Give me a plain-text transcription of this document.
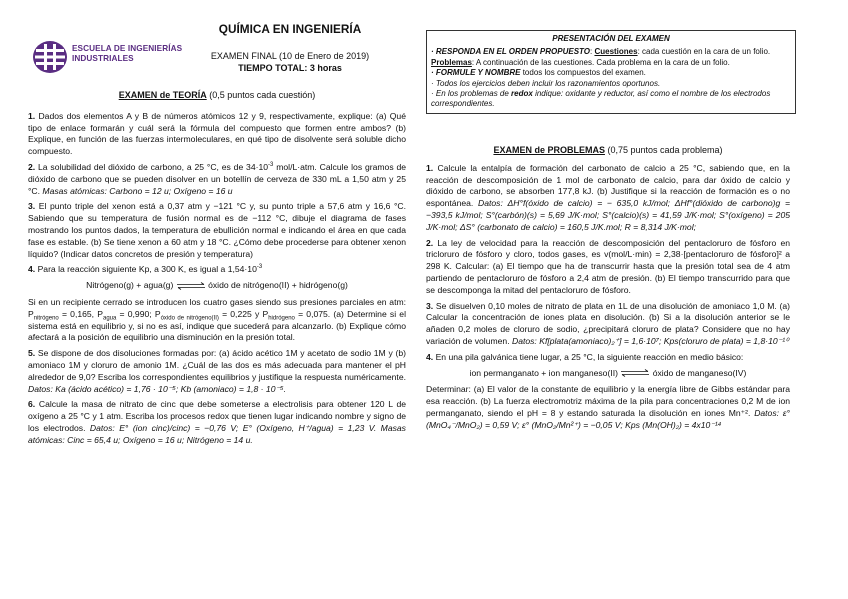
ESCUELA DE INGENIERÍAS
INDUSTRIALES
QUÍMICA EN INGENIERÍA
EXAMEN FINAL (10 de Enero de 2019)
TIEMPO TOTAL: 3 horas
EXAMEN de TEORÍA (0,5 puntos cada cuestión)

1. Dados dos elementos A y B de números atómicos 12 y 9, respectivamente, explique: (a) Qué tipo de enlace formarán y cuál será la fórmula del compuesto que formen entre ambos? (b) Explique, en función de las fuerzas intermoleculares, en qué tipo de disolvente será soluble dicho compuesto.

2. La solubilidad del dióxido de carbono, a 25 °C, es de $34\cdot 10^{-3}$ mol/L·atm. Calcule los gramos de dióxido de carbono que se pueden disolver en un botellín de cerveza de 330 mL a 1,50 atm y 25 °C. Masas atómicas: Carbono = 12 u; Oxígeno = 16 u

3. El punto triple del xenon está a 0,37 atm y −121 °C y, su punto triple a 57,6 atm y 16,6 °C. Sabiendo que su temperatura de fusión normal es de −112 °C, dibuje el diagrama de fases mostrando los puntos dados, la temperatura de ebullición normal e indicando el área en que cada fase es estable. (b) Se tiene xenon a 60 atm y 18 °C. ¿Cómo debe procederse para obtener xenon líquido? (Indicar datos concretos de presión y temperatura)

4. Para la reacción siguiente Kp, a 300 K, es igual a $1,54\cdot 10^{-3}$

Nitrógeno(g) + agua(g) ⇌ óxido de nitrógeno(II) + hidrógeno(g)

Si en un recipiente cerrado se introducen los cuatro gases siendo sus presiones parciales en atm: $P_{nitrógeno} = 0,165$, $P_{agua} = 0,990$; $P_{óxido de nitrógeno(II)} = 0,225$ y $P_{hidrógeno} = 0,075$. (a) Determine si el sistema está en equilibrio y, si no es así, indique que sucederá para alcanzarlo. (b) Explique cómo afectará a la posición de equilibrio una disminución en la presión total.

5. Se dispone de dos disoluciones formadas por: (a) ácido acético 1M y acetato de sodio 1M y (b) amoniaco 1M y cloruro de amonio 1M. ¿Cuál de las dos es más adecuada para mantener el pH alrededor de 9,0? Escriba los correspondientes equilibrios y justifique la respuesta numéricamente. Datos: Ka (ácido acético) = 1,76 · 10⁻⁵; Kb (amoniaco) = 1,8 · 10⁻⁵.

6. Calcule la masa de nitrato de cinc que debe someterse a electrolisis para obtener 120 L de oxígeno a 25 °C y 1 atm. Escriba los procesos redox que tienen lugar indicando nombre y signo de los electrodos. Datos: E° (ion cinc)/cinc) = −0,76 V; E° (Oxígeno, H⁺/agua) = 1,23 V. Masas atómicas: Cinc = 65,4 u; Oxígeno = 16 u; Nitrógeno = 14 u.

PRESENTACIÓN DEL EXAMEN

· RESPONDA EN EL ORDEN PROPUESTO: Cuestiones: cada cuestión en la cara de un folio. Problemas: A continuación de las cuestiones. Cada problema en la cara de un folio.

· FORMULE Y NOMBRE todos los compuestos del examen.

· Todos los ejercicios deben incluir los razonamientos oportunos.

· En los problemas de redox indique: oxidante y reductor, así como el nombre de los electrodos correspondientes.

EXAMEN de PROBLEMAS (0,75 puntos cada problema)

1. Calcule la entalpía de formación del carbonato de calcio a 25 °C, sabiendo que, en la reacción de descomposición de 1 mol de carbonato de calcio, para dar óxido de calcio y dióxido de carbono, se absorben 177,8 kJ. (b) Justifique si la reacción de formación es o no espontánea. Datos: ΔH°f(óxido de calcio) = − 635,0 kJ/mol; ΔHf°(dióxido de carbono)g = −393,5 kJ/mol; S°(carbón)(s) = 5,69 J/K·mol; S°(calcio)(s) = 41,59 J/K·mol; S°(oxígeno) = 205 J/K·mol; ΔS° (carbonato de calcio) = 160,5 J/K.mol; R = 8,314 J/K·mol;

2. La ley de velocidad para la reacción de descomposición del pentacloruro de fósforo en tricloruro de fósforo y cloro, todos gases, es v(mol/L·min) = 2,38·[pentacloruro de fósforo]² a 298 K. Calcular: (a) El tiempo que ha de transcurrir hasta que la presión total sea de 4 atm partiendo de pentacloruro de fósforo a 2,4 atm de presión. (b) El tiempo transcurrido para que se descomponga la mitad del pentacloruro de fósforo.

3. Se disuelven 0,10 moles de nitrato de plata en 1L de una disolución de amoniaco 1,0 M. (a) Calcular la concentración de iones plata en disolución. (b) Si a la disolución anterior se le añaden 0,2 moles de cloruro de sodio, ¿precipitará cloruro de plata? Considere que no hay variación de volumen. Datos: Kf[plata(amoniaco)₂⁺] = 1,6·10⁷; Kps(cloruro de plata) = 1,8·10⁻¹⁰

4. En una pila galvánica tiene lugar, a 25 °C, la siguiente reacción en medio básico:

ion permanganato + ion manganeso(II) ⇌ óxido de manganeso(IV)

Determinar: (a) El valor de la constante de equilibrio y la energía libre de Gibbs estándar para esa reacción. (b) La fuerza electromotriz máxima de la pila para concentraciones 0,2 M de ion permanganato, siendo el pH = 8 y estando saturada la disolución en iones Mn⁺². Datos: ε° (MnO₄⁻/MnO₂) = 0,59 V; ε° (MnO₂/Mn²⁺) = −0,05 V; Kps (Mn(OH)₂) = 4x10⁻¹⁴
